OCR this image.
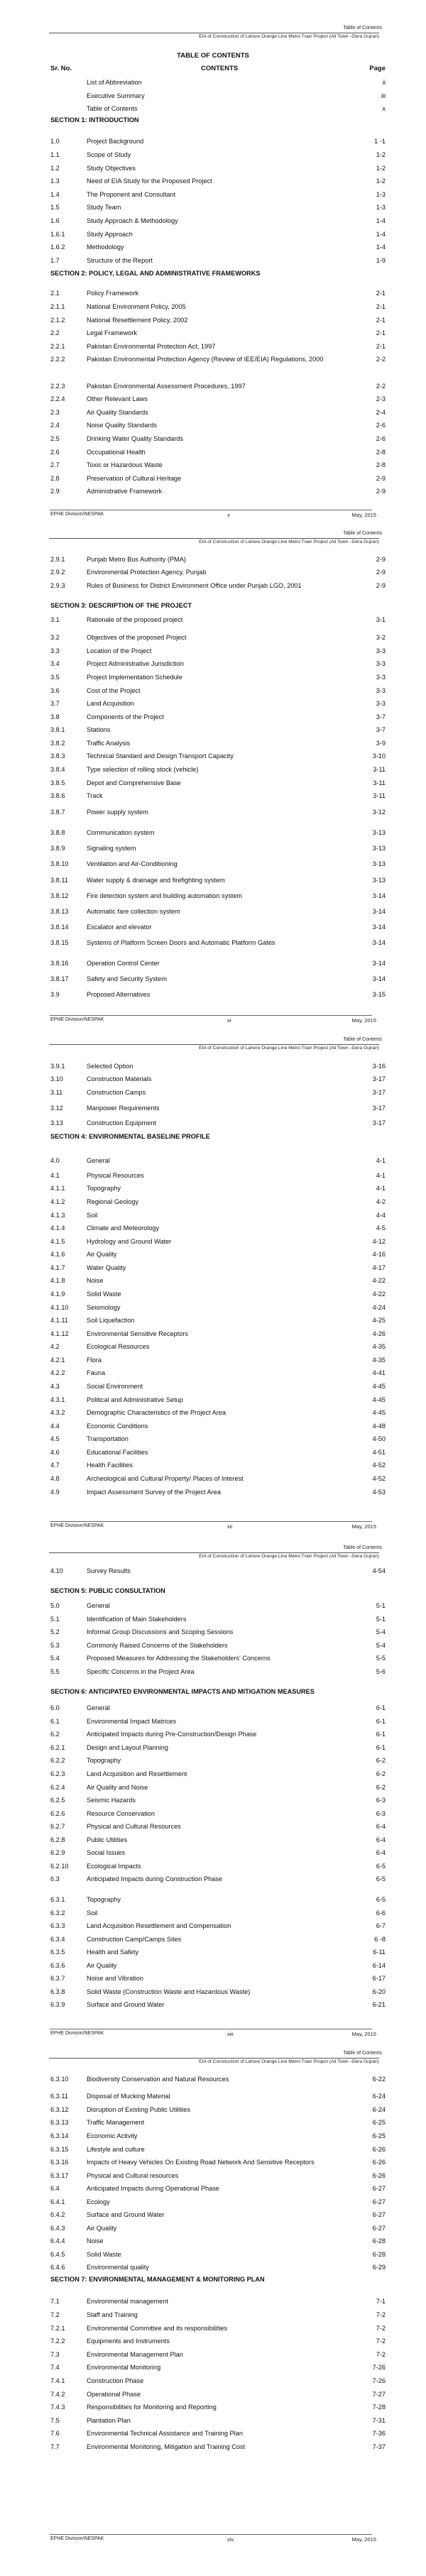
Table of Contents
EIA of Construction of Lahore Orange Line Metro Train Project (Ali Town –Dera Gujran)
TABLE OF CONTENTS
Sr. No.	CONTENTS	Page
List of Abbreviation	ii
Executive Summary	iii
Table of Contents	x
SECTION 1: INTRODUCTION
1.0	Project Background	1 -1
1.1	Scope of Study	1-2
1.2	Study Objectives	1-2
1.3	Need of EIA Study for the Proposed Project	1-2
1.4	The Proponent and Consultant	1-3
1.5	Study Team	1-3
1.6	Study Approach & Methodology	1-4
1.6.1	Study Approach	1-4
1.6.2	Methodology	1-4
1.7	Structure of the Report	1-9
SECTION 2: POLICY, LEGAL AND ADMINISTRATIVE FRAMEWORKS
2.1	Policy Framework	2-1
2.1.1	National Environment Policy, 2005	2-1
2.1.2	National Resettlement Policy, 2002	2-1
2.2	Legal Framework	2-1
2.2.1	Pakistan Environmental Protection Act, 1997	2-1
2.2.2	Pakistan Environmental Protection Agency (Review of IEE/EIA) Regulations, 2000	2-2
2.2.3	Pakistan Environmental Assessment Procedures, 1997	2-2
2.2.4	Other Relevant Laws	2-3
2.3	Air Quality Standards	2-4
2.4	Noise Quality Standards	2-6
2.5	Drinking Water Quality Standards	2-6
2.6	Occupational Health	2-8
2.7	Toxic or Hazardous Waste	2-8
2.8	Preservation of Cultural Heritage	2-9
2.9	Administrative Framework	2-9
EPHE Division/NESPAK	x	May, 2015
Table of Contents
EIA of Construction of Lahore Orange Line Metro Train Project (Ali Town –Dera Gujran)
2.9.1	Punjab Metro Bus Authority (PMA)	2-9
2.9.2	Environmental Protection Agency, Punjab	2-9
2.9.3	Rules of Business for District Environment Office under Punjab LGO, 2001	2-9
SECTION 3: DESCRIPTION OF THE PROJECT
3.1	Rationale of the proposed project	3-1
3.2	Objectives of the proposed Project	3-2
3.3	Location of the Project	3-3
3.4	Project Administrative Jurisdiction	3-3
3.5	Project Implementation Schedule	3-3
3.6	Cost of the Project	3-3
3.7	Land Acquisition	3-3
3.8	Components of the Project	3-7
3.8.1	Stations	3-7
3.8.2	Traffic Analysis	3-9
3.8.3	Technical Standard and Design Transport Capacity	3-10
3.8.4	Type selection of rolling stock (vehicle)	3-11
3.8.5	Depot and Comprehensive Base	3-11
3.8.6	Track	3-11
3.8.7	Power supply system	3-12
3.8.8	Communication system	3-13
3.8.9	Signaling system	3-13
3.8.10	Ventilation and Air-Conditioning	3-13
3.8.11	Water supply & drainage and firefighting system	3-13
3.8.12	Fire detection system and building automation system	3-14
3.8.13	Automatic fare collection system	3-14
3.8.14	Escalator and elevator	3-14
3.8.15	Systems of Platform Screen Doors and Automatic Platform Gates	3-14
3.8.16	Operation Control Center	3-14
3.8.17	Safety and Security System	3-14
3.9	Proposed Alternatives	3-15
EPHE Division/NESPAK	xi	May, 2015
Table of Contents
EIA of Construction of Lahore Orange Line Metro Train Project (Ali Town –Dera Gujran)
3.9.1	Selected Option	3-16
3.10	Construction Materials	3-17
3.11	Construction Camps	3-17
3.12	Manpower Requirements	3-17
3.13	Construction Equipment	3-17
SECTION 4: ENVIRONMENTAL BASELINE PROFILE
4.0	General	4-1
4.1	Physical Resources	4-1
4.1.1	Topography	4-1
4.1.2	Regional Geology	4-2
4.1.3	Soil	4-4
4.1.4	Climate and Meteorology	4-5
4.1.5	Hydrology and Ground Water	4-12
4.1.6	Air Quality	4-16
4.1.7	Water Quality	4-17
4.1.8	Noise	4-22
4.1.9	Solid Waste	4-22
4.1.10	Seismology	4-24
4.1.11	Soil Liquefaction	4-25
4.1.12	Environmental Sensitive Receptors	4-26
4.2	Ecological Resources	4-35
4.2.1	Flora	4-35
4.2.2	Fauna	4-41
4.3	Social Environment	4-45
4.3.1	Political and Administrative Setup	4-45
4.3.2	Demographic Characteristics of the Project Area	4-45
4.4	Economic Conditions	4-48
4.5	Transportation	4-50
4.6	Educational Facilities	4-51
4.7	Health Facilities	4-52
4.8	Archeological and Cultural Property/ Places of Interest	4-52
4.9	Impact Assessment Survey of the Project Area	4-53
EPHE Division/NESPAK	xii	May, 2015
Table of Contents
EIA of Construction of Lahore Orange Line Metro Train Project (Ali Town –Dera Gujran)
4.10	Survey Results	4-54
SECTION 5: PUBLIC CONSULTATION
5.0	General	5-1
5.1	Identification of Main Stakeholders	5-1
5.2	Informal Group Discussions and Scoping Sessions	5-4
5.3	Commonly Raised Concerns of the Stakeholders	5-4
5.4	Proposed Measures for Addressing the Stakeholders' Concerns	5-5
5.5	Specific Concerns in the Project Area	5-6
SECTION 6: ANTICIPATED ENVIRONMENTAL IMPACTS AND MITIGATION MEASURES
6.0	General	6-1
6.1	Environmental Impact Matrices	6-1
6.2	Anticipated Impacts during Pre-Construction/Design Phase	6-1
6.2.1	Design and Layout Planning	6-1
6.2.2	Topography	6-2
6.2.3	Land Acquisition and Resettlement	6-2
6.2.4	Air Quality and Noise	6-2
6.2.5	Seismic Hazards	6-3
6.2.6	Resource Conservation	6-3
6.2.7	Physical and Cultural Resources	6-4
6.2.8	Public Utilities	6-4
6.2.9	Social Issues	6-4
6.2.10	Ecological Impacts	6-5
6.3	Anticipated Impacts during Construction Phase	6-5
6.3.1	Topography	6-5
6.3.2	Soil	6-6
6.3.3	Land Acquisition Resettlement and Compensation	6-7
6.3.4	Construction Camp/Camps Sites	6 -8
6.3.5	Health and Safety	6-11
6.3.6	Air Quality	6-14
6.3.7	Noise and Vibration	6-17
6.3.8	Solid Waste (Construction Waste and Hazardous Waste)	6-20
6.3.9	Surface and Ground Water	6-21
EPHE Division/NESPAK	xiii	May, 2015
Table of Contents
EIA of Construction of Lahore Orange Line Metro Train Project (Ali Town –Dera Gujran)
6.3.10	Biodiversity Conservation and Natural Resources	6-22
6.3.11	Disposal of Mucking Material	6-24
6.3.12	Disruption of Existing Public Utilities	6-24
6.3.13	Traffic Management	6-25
6.3.14	Economic Activity	6-25
6.3.15	Lifestyle and culture	6-26
6.3.16	Impacts of Heavy Vehicles On Existing Road Network And Sensitive Receptors	6-26
6.3.17	Physical and Cultural resources	6-26
6.4	Anticipated Impacts during Operational Phase	6-27
6.4.1	Ecology	6-27
6.4.2	Surface and Ground Water	6-27
6.4.3	Air Quality	6-27
6.4.4	Noise	6-28
6.4.5	Solid Waste	6-28
6.4.6	Environmental quality	6-29
SECTION 7: ENVIRONMENTAL MANAGEMENT & MONITORING PLAN
7.1	Environmental management	7-1
7.2	Staff and Training	7-2
7.2.1	Environmental Committee and its responsibilities	7-2
7.2.2	Equipments and Instruments	7-2
7.3	Environmental Management Plan	7-2
7.4	Environmental Monitoring	7-26
7.4.1	Construction Phase	7-26
7.4.2	Operational Phase	7-27
7.4.3	Responsibilities for Monitoring and Reporting	7-28
7.5	Plantation Plan	7-31
7.6	Environmental Technical Assistance and Training Plan	7-36
7.7	Environmental Monitoring, Mitigation and Training Cost	7-37
EPHE Division/NESPAK	xiv	May, 2015
